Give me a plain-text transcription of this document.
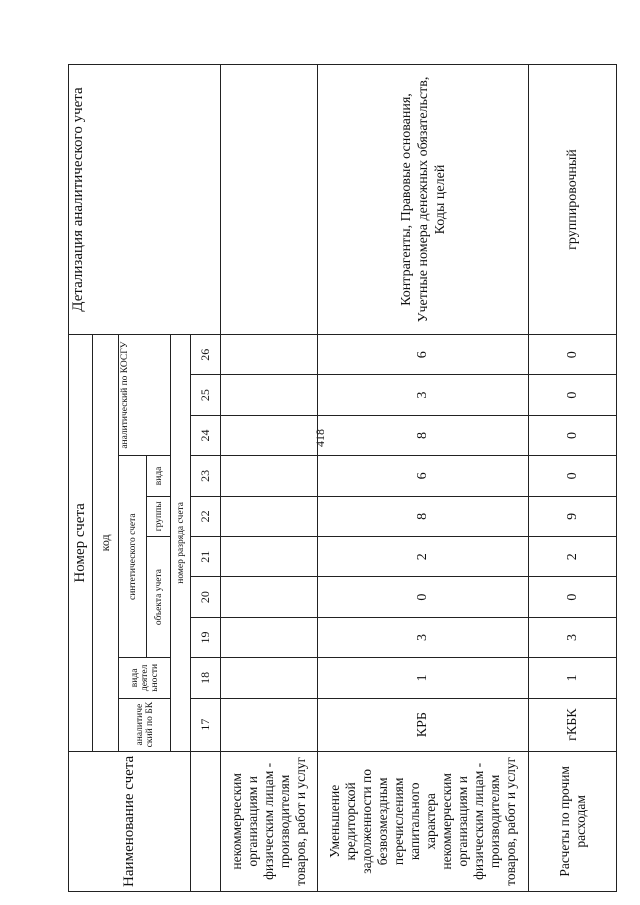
418
Наименование счета	Номер счета										Детализация аналитического учета
	код										
	аналитиче ский по БК	вида деятел ьности	синтетического счета					аналитический по КОСГУ			
			объекта учета			группы	вида				
	номер разряда счета										
	17	18	19	20	21	22	23	24	25	26	
некоммерческим организациям и физическим лицам - производителям товаров, работ и услуг											
Уменьшение кредиторской задолженности по безвозмездным перечислениям капитального характера некоммерческим организациям и физическим лицам - производителям товаров, работ и услуг	КРБ	1	3	0	2	8	6	8	3	6	Контрагенты, Правовые основания, Учетные номера денежных обязательств, Коды целей
Расчеты по прочим расходам	гКБК	1	3	0	2	9	0	0	0	0	группировочный
